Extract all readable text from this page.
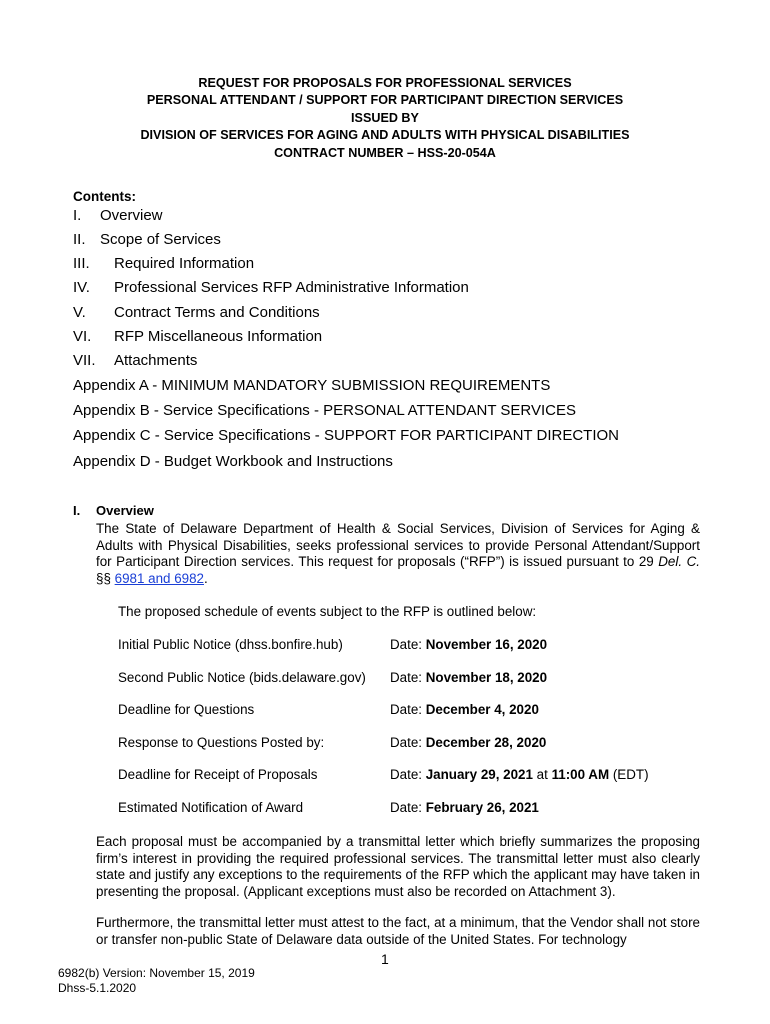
REQUEST FOR PROPOSALS FOR PROFESSIONAL SERVICES
PERSONAL ATTENDANT / SUPPORT FOR PARTICIPANT DIRECTION SERVICES
ISSUED BY
DIVISION OF SERVICES FOR AGING AND ADULTS WITH PHYSICAL DISABILITIES
CONTRACT NUMBER – HSS-20-054A
Contents:
I. Overview
II. Scope of Services
III. Required Information
IV. Professional Services RFP Administrative Information
V. Contract Terms and Conditions
VI. RFP Miscellaneous Information
VII. Attachments
Appendix A - MINIMUM MANDATORY SUBMISSION REQUIREMENTS
Appendix B - Service Specifications - PERSONAL ATTENDANT SERVICES
Appendix C - Service Specifications - SUPPORT FOR PARTICIPANT DIRECTION
Appendix D - Budget Workbook and Instructions
I. Overview
The State of Delaware Department of Health & Social Services, Division of Services for Aging & Adults with Physical Disabilities, seeks professional services to provide Personal Attendant/Support for Participant Direction services. This request for proposals (“RFP”) is issued pursuant to 29 Del. C. §§ 6981 and 6982.
The proposed schedule of events subject to the RFP is outlined below:
Initial Public Notice (dhss.bonfire.hub)	Date: November 16, 2020
Second Public Notice (bids.delaware.gov) Date: November 18, 2020
Deadline for Questions	Date: December 4, 2020
Response to Questions Posted by:	Date: December 28, 2020
Deadline for Receipt of Proposals	Date: January 29, 2021 at 11:00 AM (EDT)
Estimated Notification of Award	Date: February 26, 2021
Each proposal must be accompanied by a transmittal letter which briefly summarizes the proposing firm’s interest in providing the required professional services. The transmittal letter must also clearly state and justify any exceptions to the requirements of the RFP which the applicant may have taken in presenting the proposal. (Applicant exceptions must also be recorded on Attachment 3).
Furthermore, the transmittal letter must attest to the fact, at a minimum, that the Vendor shall not store or transfer non-public State of Delaware data outside of the United States. For technology
1
6982(b) Version: November 15, 2019
Dhss-5.1.2020
